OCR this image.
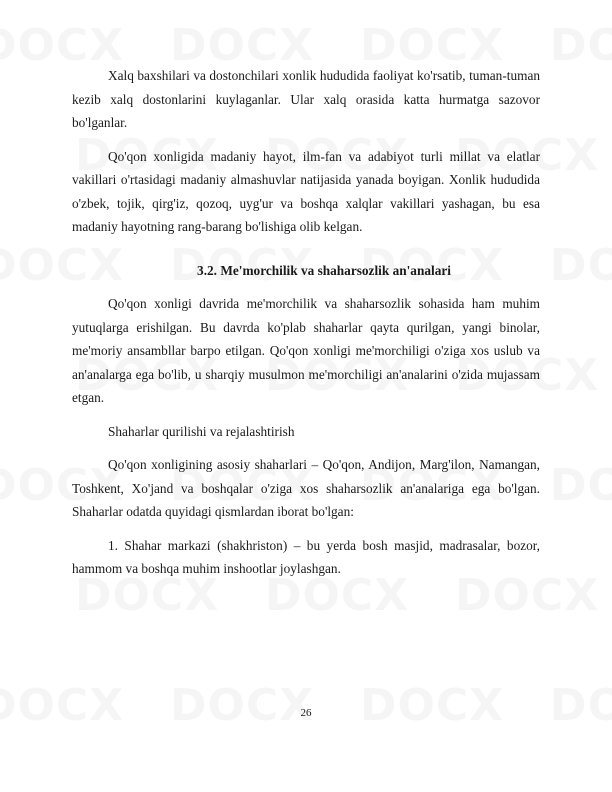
Xalq baxshilari va dostonchilari xonlik hududida faoliyat ko'rsatib, tuman-tuman kezib xalq dostonlarini kuylaganlar. Ular xalq orasida katta hurmatga sazovor bo'lganlar.

Qo'qon xonligida madaniy hayot, ilm-fan va adabiyot turli millat va elatlar vakillari o'rtasidagi madaniy almashuvlar natijasida yanada boyigan. Xonlik hududida o'zbek, tojik, qirg'iz, qozoq, uyg'ur va boshqa xalqlar vakillari yashagan, bu esa madaniy hayotning rang-barang bo'lishiga olib kelgan.

3.2. Me'morchilik va shaharsozlik an'analari

Qo'qon xonligi davrida me'morchilik va shaharsozlik sohasida ham muhim yutuqlarga erishilgan. Bu davrda ko'plab shaharlar qayta qurilgan, yangi binolar, me'moriy ansambllar barpo etilgan. Qo'qon xonligi me'morchiligi o'ziga xos uslub va an'analarga ega bo'lib, u sharqiy musulmon me'morchiligi an'analarini o'zida mujassam etgan.

Shaharlar qurilishi va rejalashtirish

Qo'qon xonligining asosiy shaharlari – Qo'qon, Andijon, Marg'ilon, Namangan, Toshkent, Xo'jand va boshqalar o'ziga xos shaharsozlik an'analariga ega bo'lgan. Shaharlar odatda quyidagi qismlardan iborat bo'lgan:

1. Shahar markazi (shakhriston) – bu yerda bosh masjid, madrasalar, bozor, hammom va boshqa muhim inshootlar joylashgan.

26
